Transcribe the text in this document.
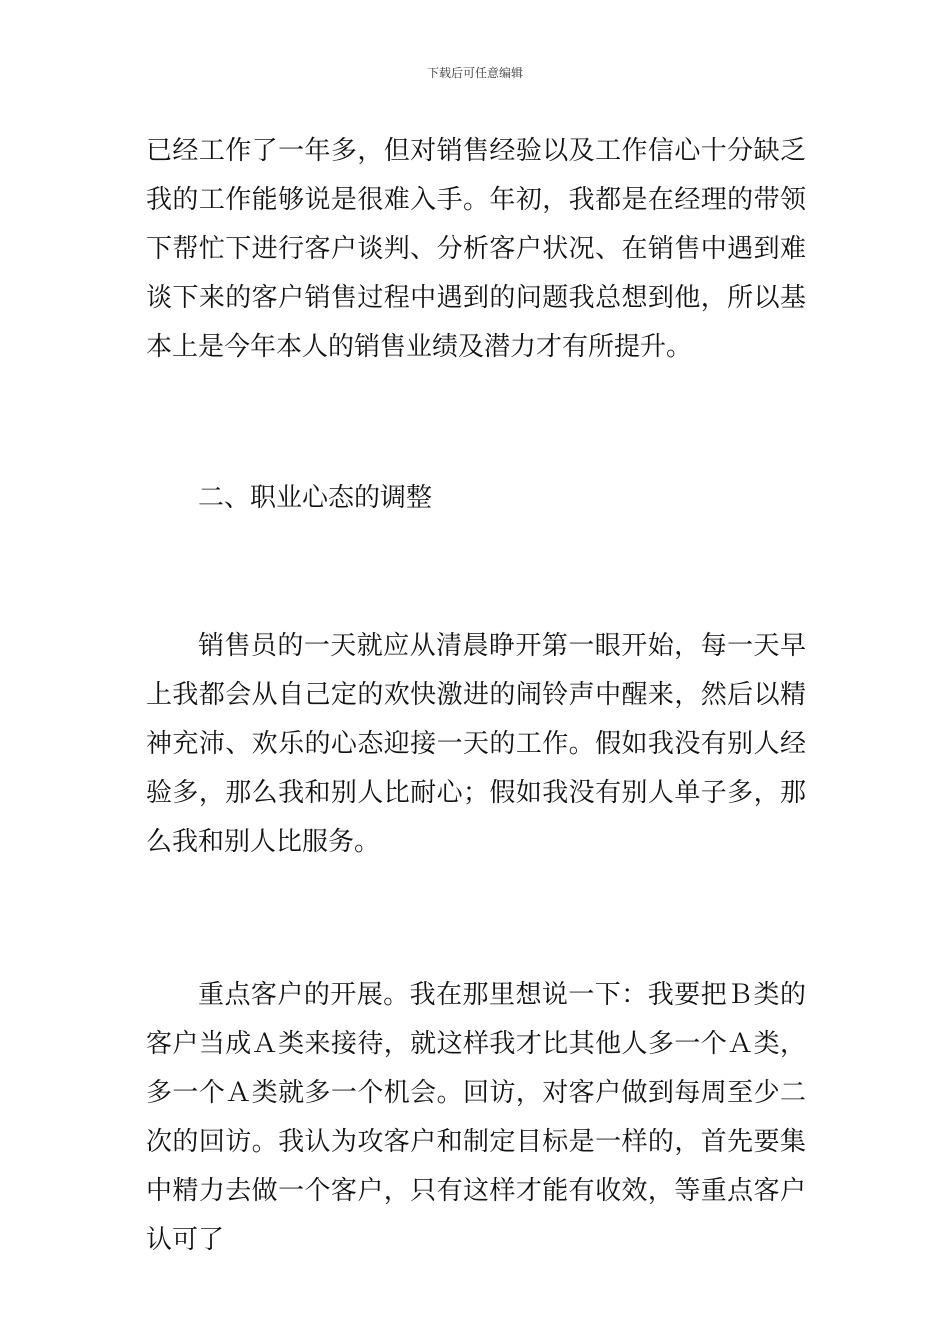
下载后可任意编辑
已经工作了一年多，但对销售经验以及工作信心十分缺乏我的工作能够说是很难入手。年初，我都是在经理的带领下帮忙下进行客户谈判、分析客户状况、在销售中遇到难谈下来的客户销售过程中遇到的问题我总想到他，所以基本上是今年本人的销售业绩及潜力才有所提升。
二、职业心态的调整
销售员的一天就应从清晨睁开第一眼开始，每一天早上我都会从自己定的欢快激进的闹铃声中醒来，然后以精神充沛、欢乐的心态迎接一天的工作。假如我没有别人经验多，那么我和别人比耐心；假如我没有别人单子多，那么我和别人比服务。
重点客户的开展。我在那里想说一下：我要把Ｂ类的客户当成Ａ类来接待，就这样我才比其他人多一个Ａ类，多一个Ａ类就多一个机会。回访，对客户做到每周至少二次的回访。我认为攻客户和制定目标是一样的，首先要集中精力去做一个客户，只有这样才能有收效，等重点客户认可了
